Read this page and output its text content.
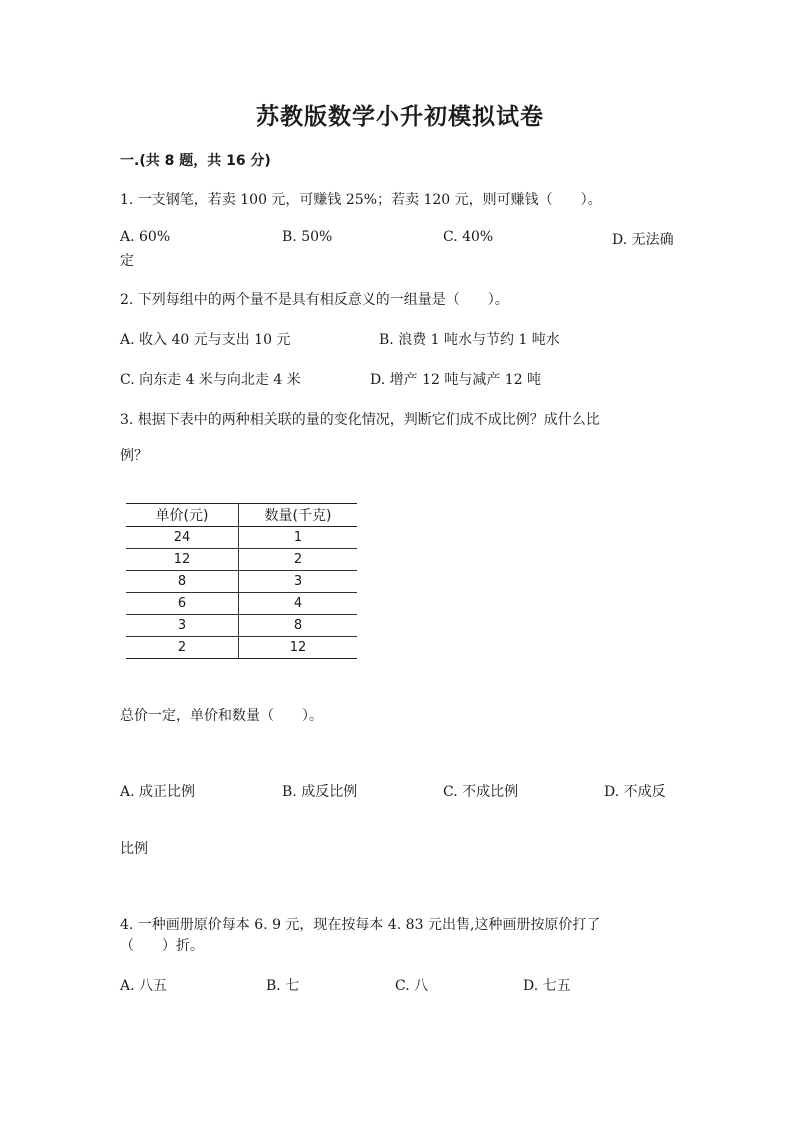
苏教版数学小升初模拟试卷
一.(共 8 题，共 16 分)
1. 一支钢笔，若卖 100 元，可赚钱 25%；若卖 120 元，则可赚钱（　　）。
A. 60%	B. 50%	C. 40%	D. 无法确
定
2. 下列每组中的两个量不是具有相反意义的一组量是（　　）。
A. 收入 40 元与支出 10 元	B. 浪费 1 吨水与节约 1 吨水
C. 向东走 4 米与向北走 4 米	D. 增产 12 吨与减产 12 吨
3. 根据下表中的两种相关联的量的变化情况，判断它们成不成比例？成什么比
例？
单价(元)	数量(千克)
24	1
12	2
8	3
6	4
3	8
2	12
总价一定，单价和数量（　　）。
A. 成正比例	B. 成反比例	C. 不成比例	D. 不成反
比例
4. 一种画册原价每本 6. 9 元，现在按每本 4. 83 元出售,这种画册按原价打了
（　　）折。
A. 八五	B. 七	C. 八	D. 七五
